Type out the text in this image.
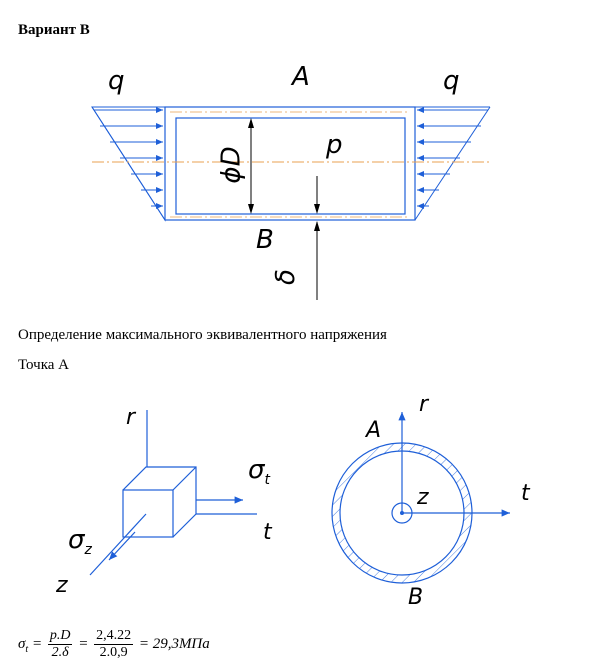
Вариант В
q	q
A
B
p
ϕD
δ
Определение максимального эквивалентного напряжения
Точка А
r
t
z
$\sigma_t$
$\sigma_z$
A
B
r
t
z
$\sigma_t = \frac{p.D}{2.\delta} = \frac{2,4.22}{2.0,9} = 29,3МПа$
